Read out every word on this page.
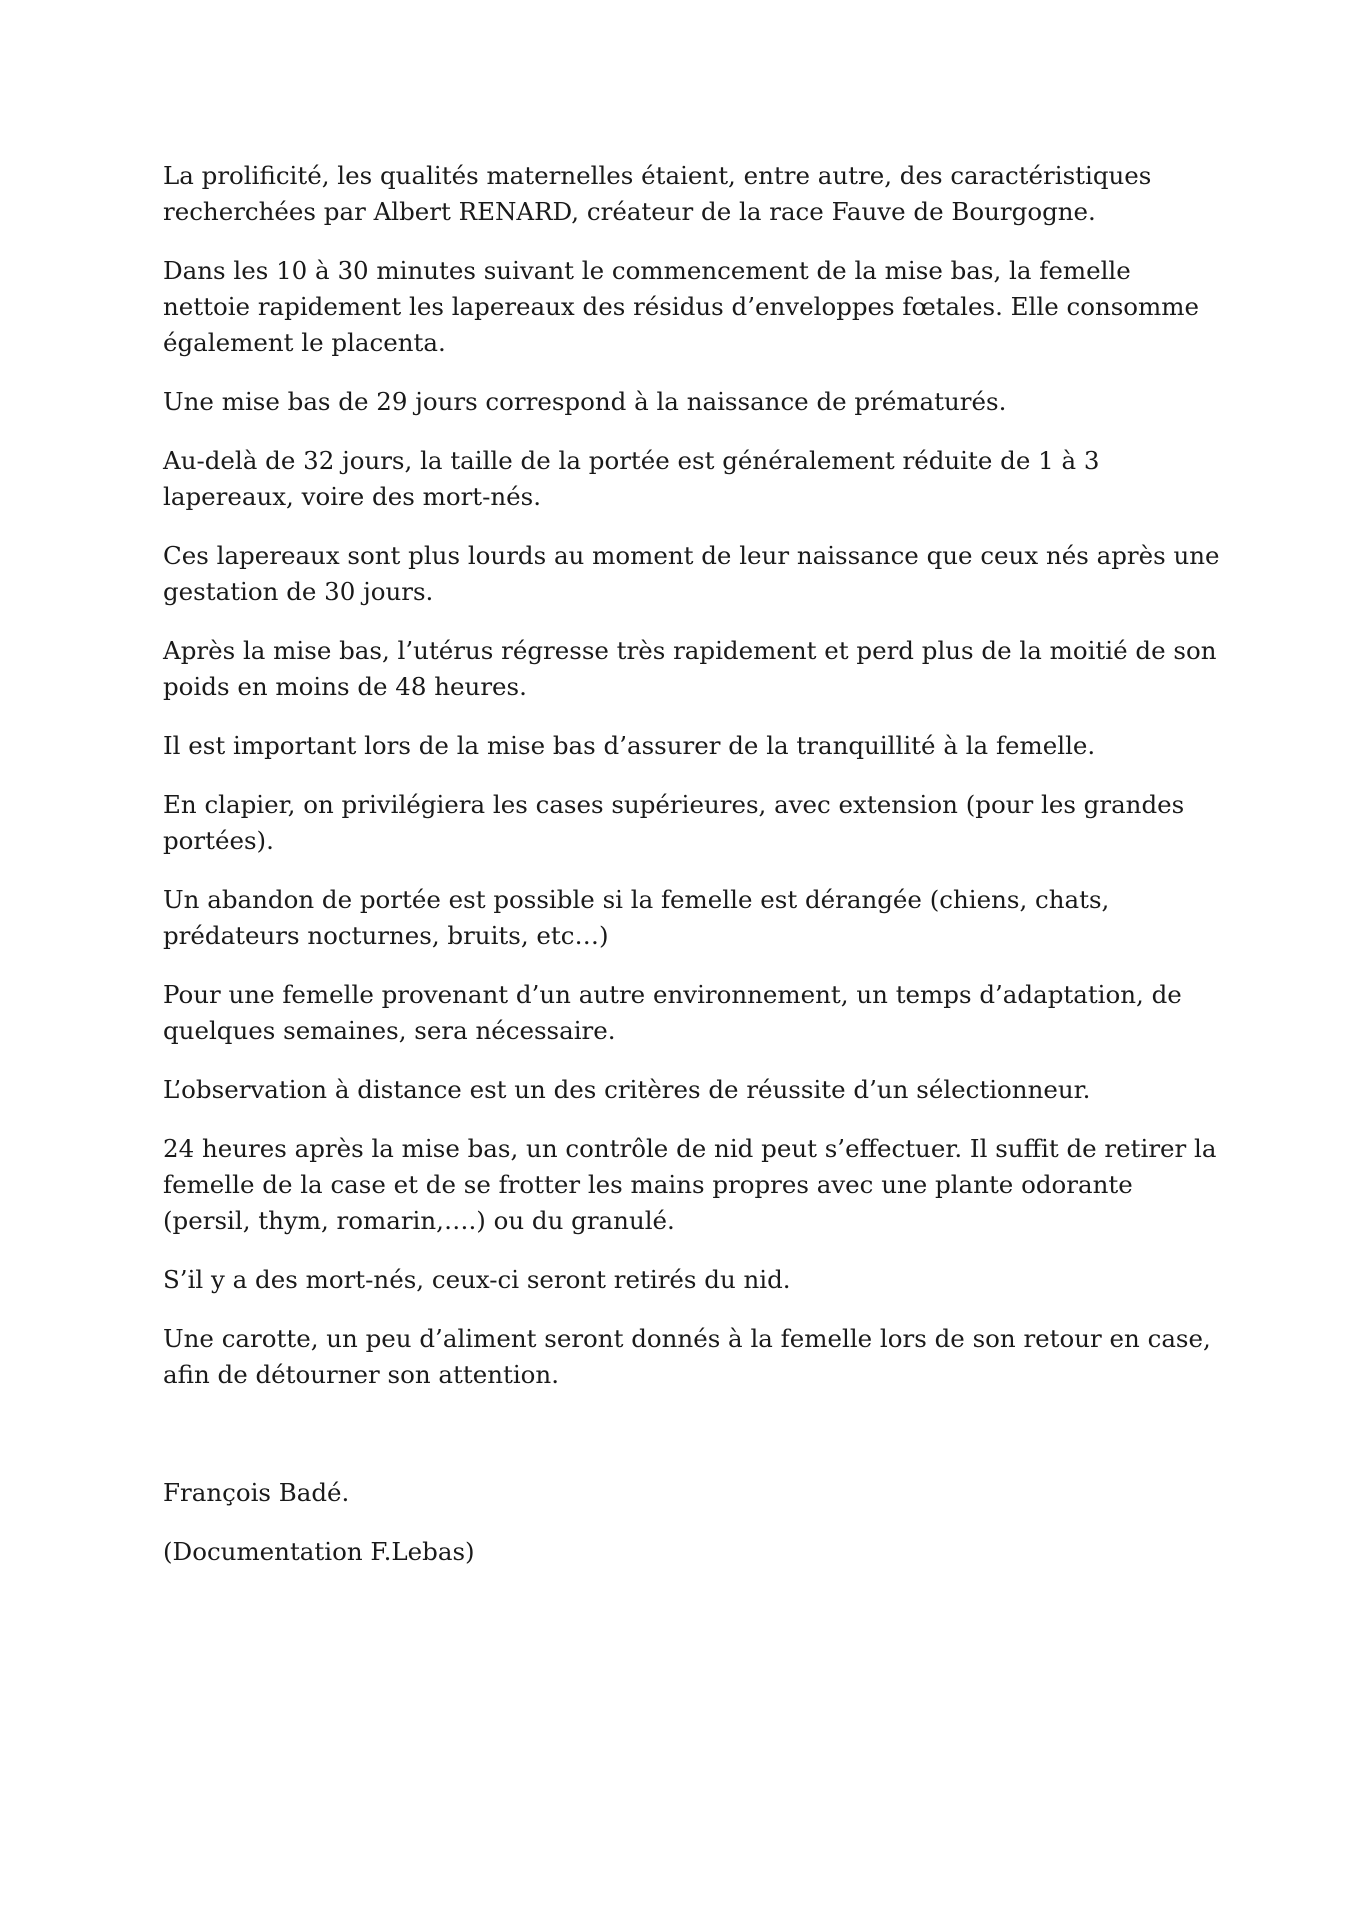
La prolificité, les qualités maternelles étaient, entre autre, des caractéristiques recherchées par Albert RENARD, créateur de la race Fauve de Bourgogne.

Dans les 10 à 30 minutes suivant le commencement de la mise bas, la femelle nettoie rapidement les lapereaux des résidus d’enveloppes fœtales. Elle consomme également le placenta.

Une mise bas de 29 jours correspond à la naissance de prématurés.

Au-delà de 32 jours, la taille de la portée est généralement réduite de 1 à 3 lapereaux, voire des mort-nés.

Ces lapereaux sont plus lourds au moment de leur naissance que ceux nés après une gestation de 30 jours.

Après la mise bas, l’utérus régresse très rapidement et perd plus de la moitié de son poids en moins de 48 heures.

Il est important lors de la mise bas d’assurer de la tranquillité à la femelle.

En clapier, on privilégiera les cases supérieures, avec extension (pour les grandes portées).

Un abandon de portée est possible si la femelle est dérangée (chiens, chats, prédateurs nocturnes, bruits, etc…)

Pour une femelle provenant d’un autre environnement, un temps d’adaptation, de quelques semaines, sera nécessaire.

L’observation à distance est un des critères de réussite d’un sélectionneur.

24 heures après la mise bas, un contrôle de nid peut s’effectuer. Il suffit de retirer la femelle de la case et de se frotter les mains propres avec une plante odorante (persil, thym, romarin,….) ou du granulé.

S’il y a des mort-nés, ceux-ci seront retirés du nid.

Une carotte, un peu d’aliment seront donnés à la femelle lors de son retour en case, afin de détourner son attention.

François Badé.

(Documentation F.Lebas)
